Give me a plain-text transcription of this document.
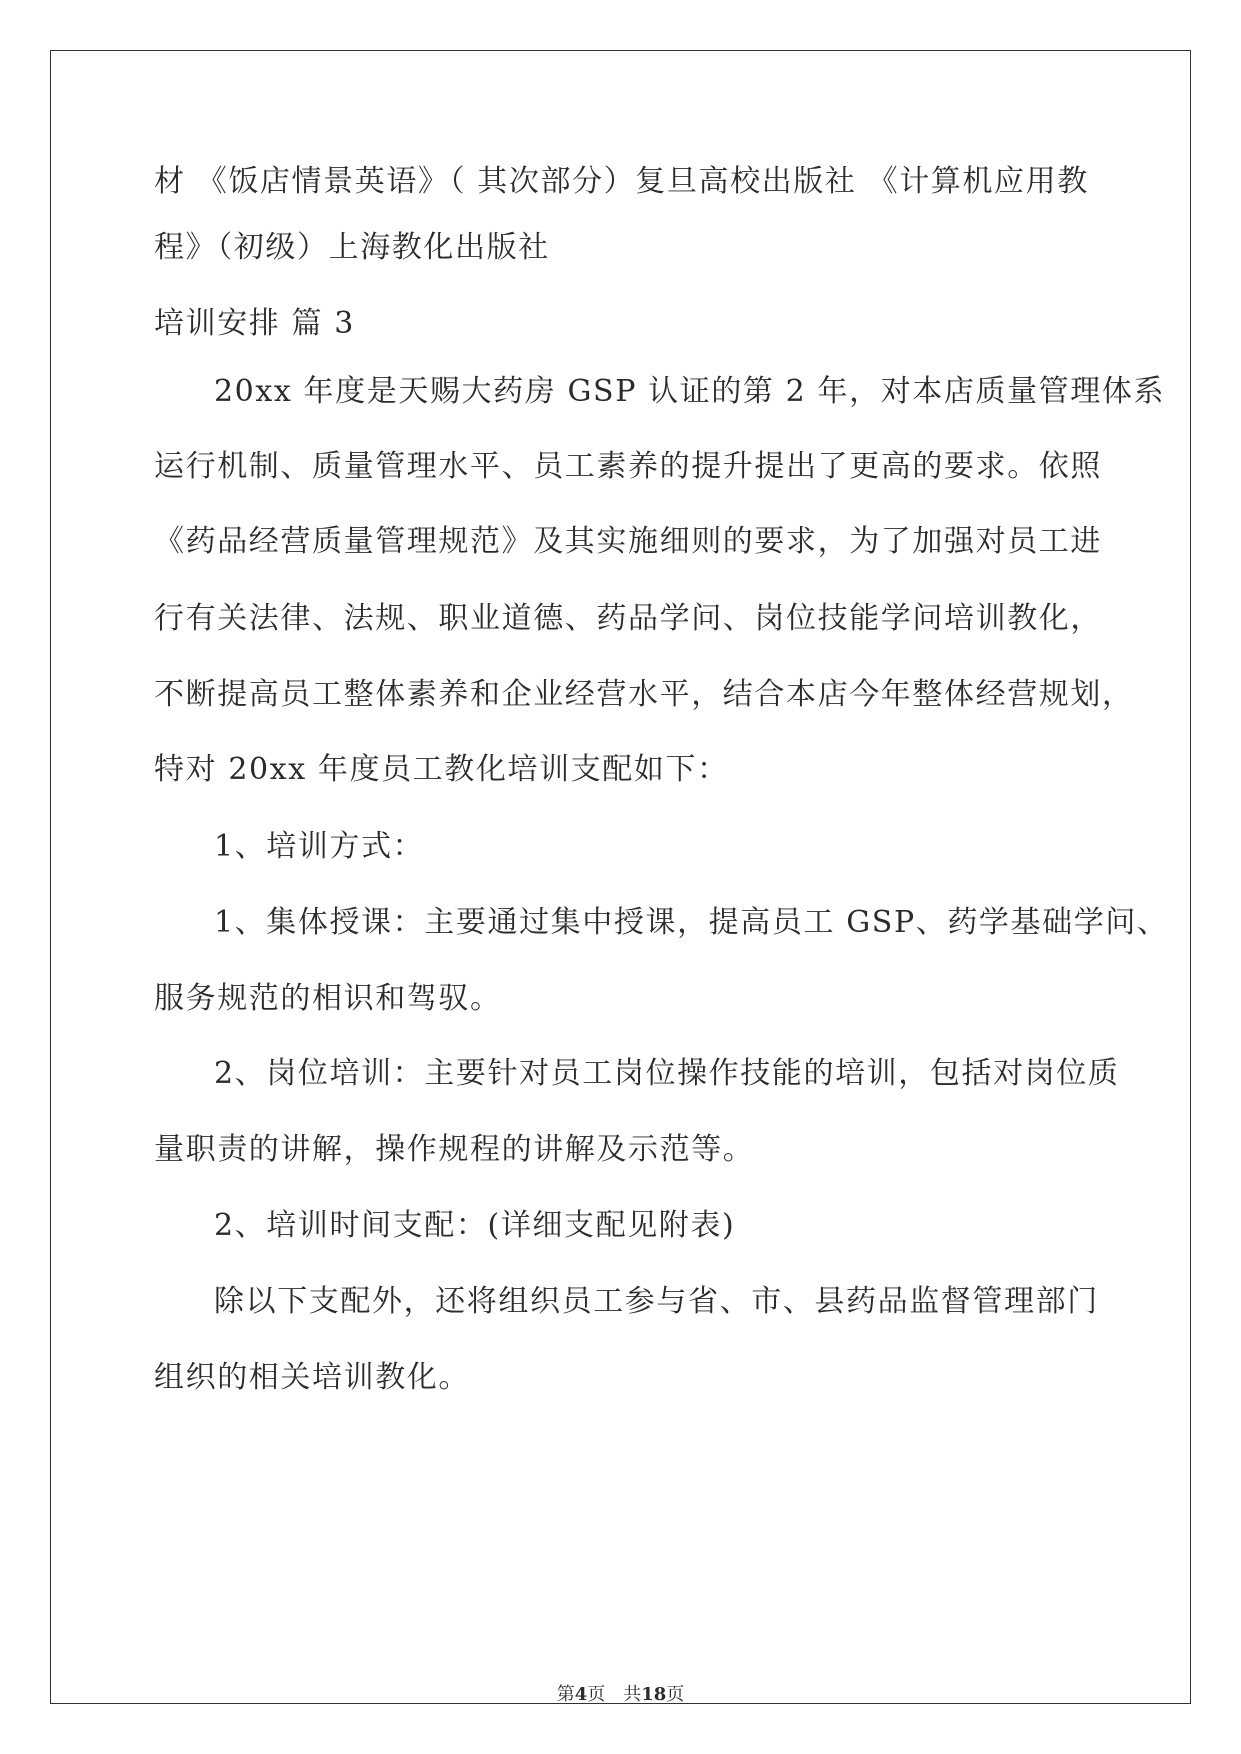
材 《饭店情景英语》（ 其次部分）复旦高校出版社 《计算机应用教
程》（初级）上海教化出版社
培训安排 篇 3
20xx 年度是天赐大药房 GSP 认证的第 2 年，对本店质量管理体系
运行机制、质量管理水平、员工素养的提升提出了更高的要求。依照
《药品经营质量管理规范》及其实施细则的要求，为了加强对员工进
行有关法律、法规、职业道德、药品学问、岗位技能学问培训教化，
不断提高员工整体素养和企业经营水平，结合本店今年整体经营规划，
特对 20xx 年度员工教化培训支配如下：
1、培训方式：
1、集体授课：主要通过集中授课，提高员工 GSP、药学基础学问、
服务规范的相识和驾驭。
2、岗位培训：主要针对员工岗位操作技能的培训，包括对岗位质
量职责的讲解，操作规程的讲解及示范等。
2、培训时间支配：(详细支配见附表)
除以下支配外，还将组织员工参与省、市、县药品监督管理部门
组织的相关培训教化。
第4页　共18页
